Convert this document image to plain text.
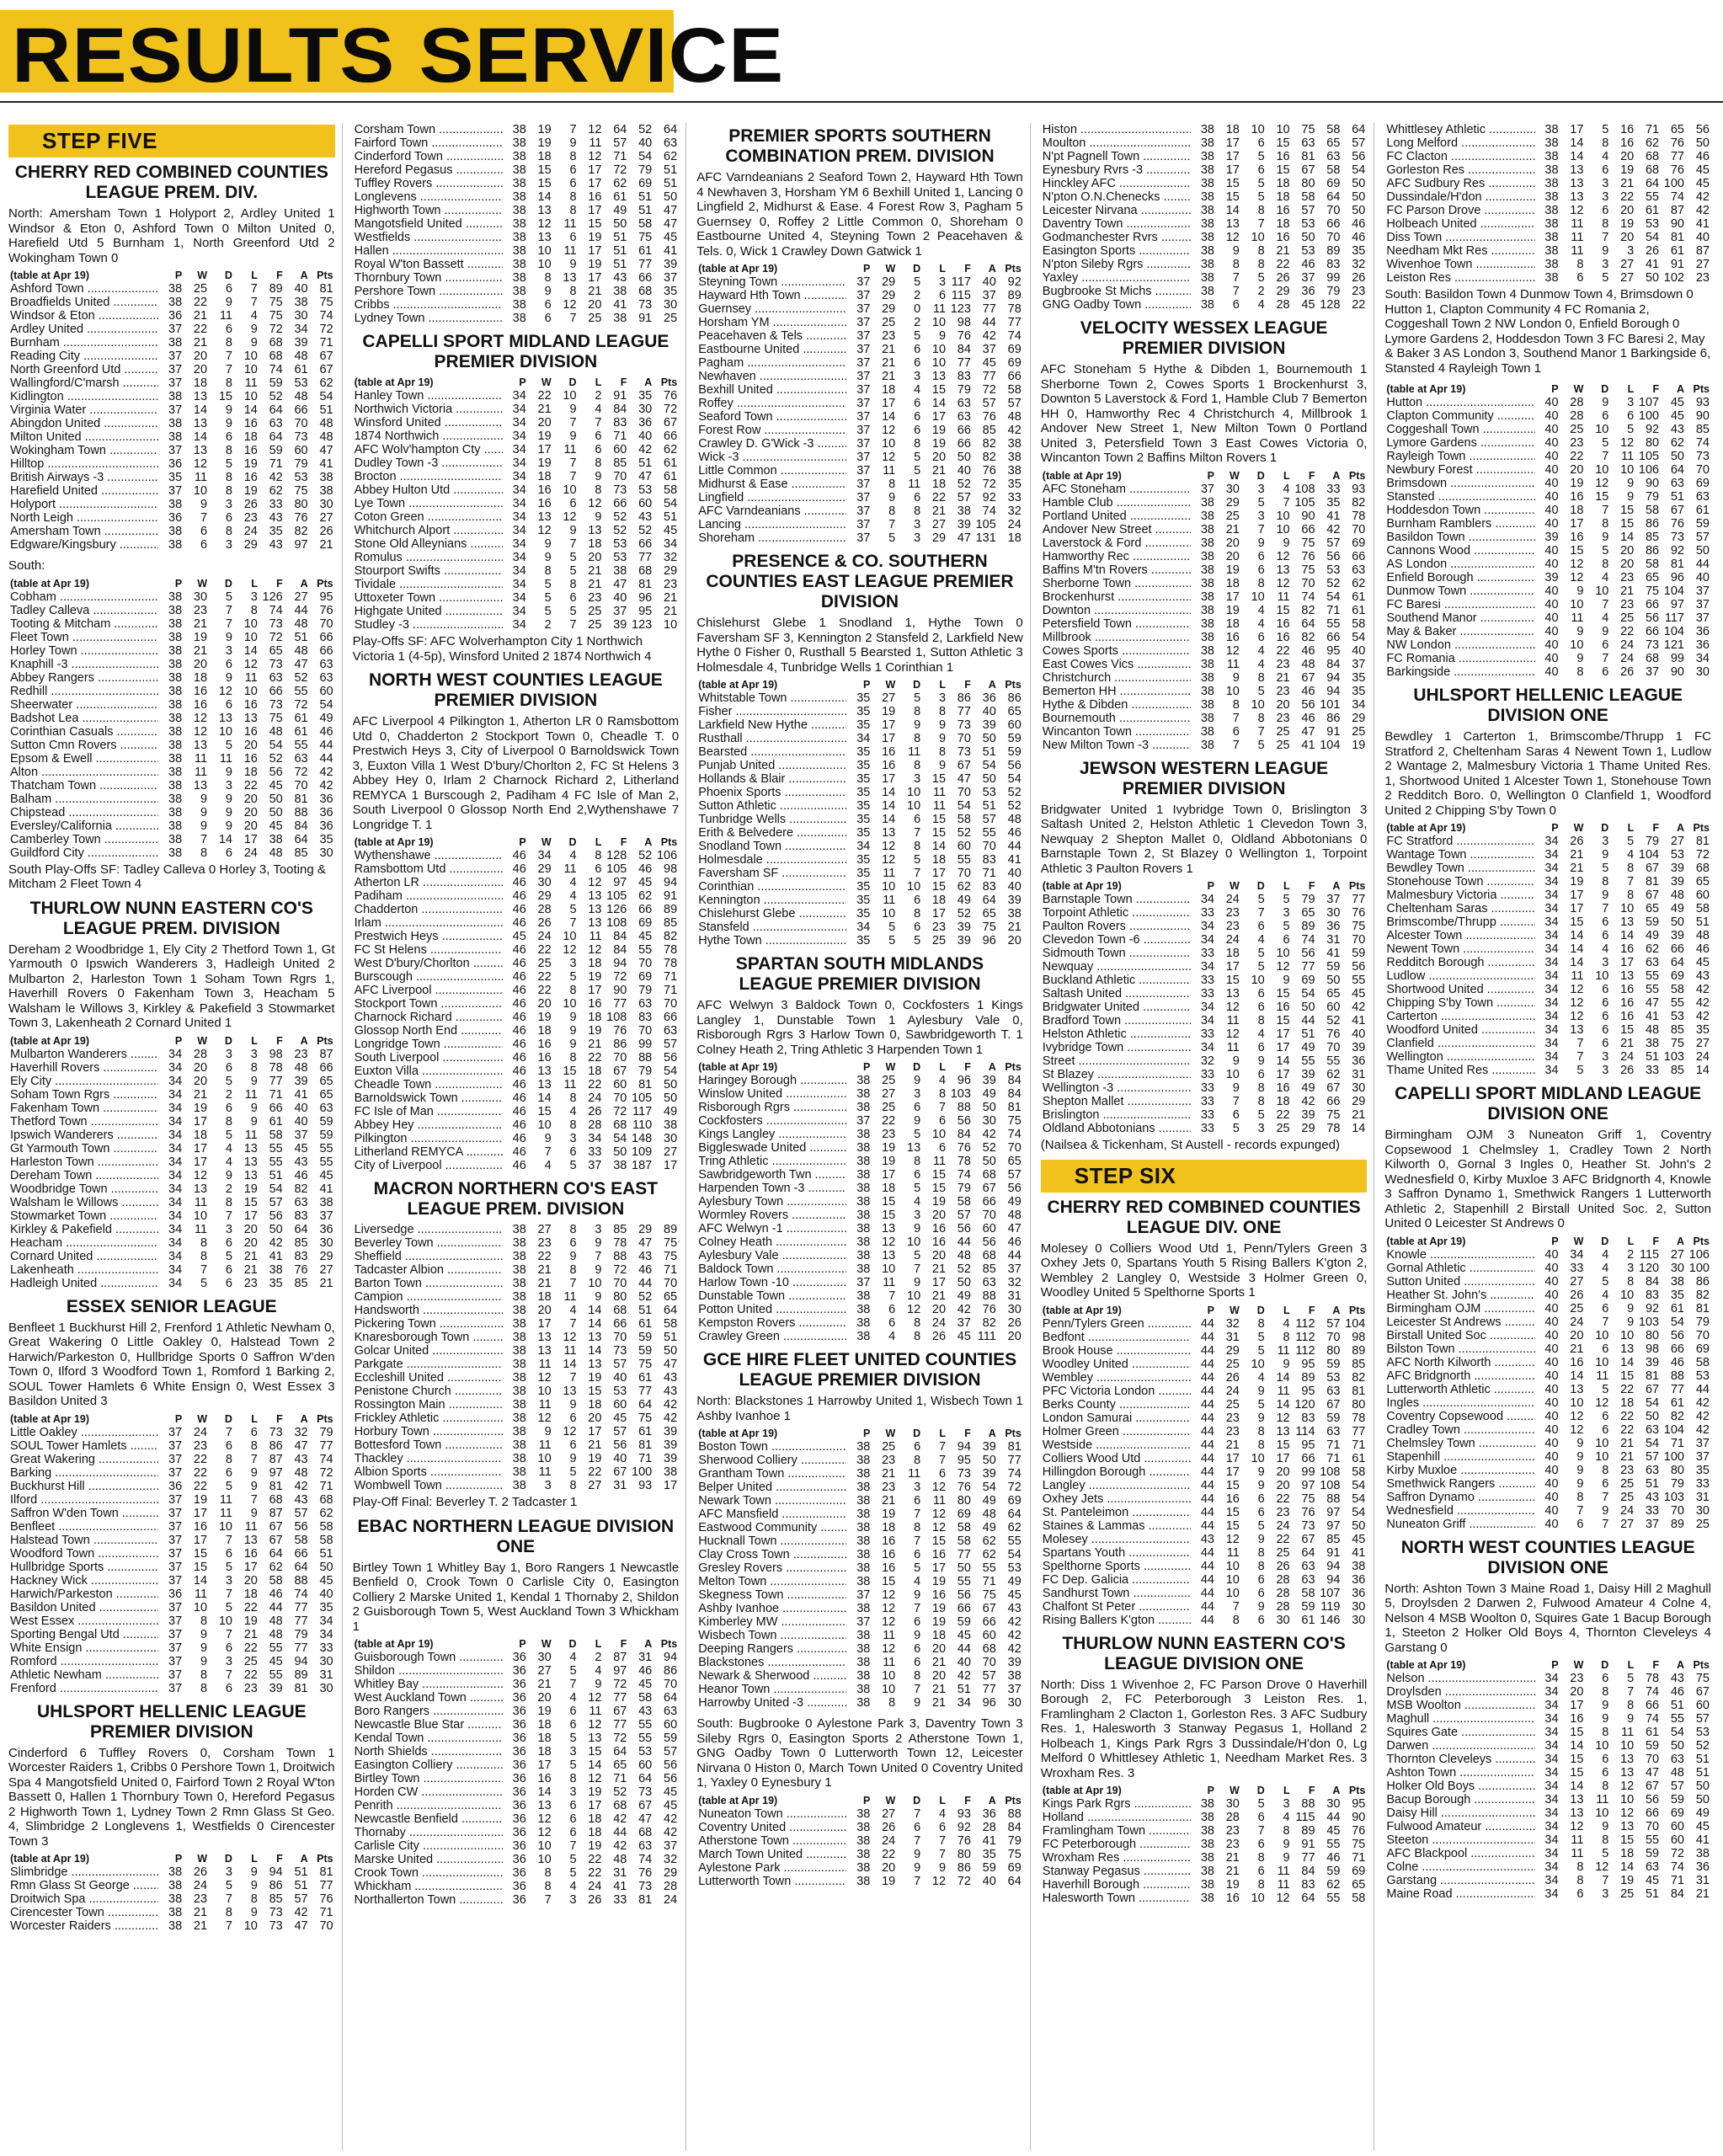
RESULTS SERVICE
STEP FIVE
CHERRY RED COMBINED COUNTIES LEAGUE PREM. DIV.

North: Amersham Town 1 Holyport 2, Ardley United 1 Windsor & Eton 0, Ashford Town 0 Milton United 0, Harefield Utd 5 Burnham 1, North Greenford Utd 2 Wokingham Town 0

(table at Apr 19)	P	W	D	L	F	A	Pts
Ashford Town .....	38	25	6	7	89	40	81
Broadfields United .....	38	22	9	7	75	38	75
Windsor & Eton .....	36	21	11	4	75	30	74
Ardley United .....	37	22	6	9	72	34	72
Burnham .....	38	21	8	9	68	39	71
Reading City .....	37	20	7	10	68	48	67
North Greenford Utd .....	37	20	7	10	74	61	67
Wallingford/C'marsh .....	37	18	8	11	59	53	62
Kidlington .....	38	13	15	10	52	48	54
Virginia Water .....	37	14	9	14	64	66	51
Abingdon United .....	38	13	9	16	63	70	48
Milton United .....	38	14	6	18	64	73	48
Wokingham Town .....	37	13	8	16	59	60	47
Hilltop .....	36	12	5	19	71	79	41
British Airways -3 .....	35	11	8	16	42	53	38
Harefield United .....	37	10	8	19	62	75	38
Holyport .....	38	9	3	26	33	80	30
North Leigh .....	36	7	6	23	43	76	27
Amersham Town .....	38	6	8	24	35	82	26
Edgware/Kingsbury .....	38	6	3	29	43	97	21

South:

(table at Apr 19)	P	W	D	L	F	A	Pts
Cobham .....	38	30	5	3	126	27	95
Tadley Calleva .....	38	23	7	8	74	44	76
Tooting & Mitcham .....	38	21	7	10	73	48	70
Fleet Town .....	38	19	9	10	72	51	66
Horley Town .....	38	21	3	14	65	48	66
Knaphill -3 .....	38	20	6	12	73	47	63
Abbey Rangers .....	38	18	9	11	63	52	63
Redhill .....	38	16	12	10	66	55	60
Sheerwater .....	38	16	6	16	73	72	54
Badshot Lea .....	38	12	13	13	75	61	49
Corinthian Casuals .....	38	12	10	16	48	61	46
Sutton Cmn Rovers .....	38	13	5	20	54	55	44
Epsom & Ewell .....	38	11	11	16	52	63	44
Alton .....	38	11	9	18	56	72	42
Thatcham Town .....	38	13	3	22	45	70	42
Balham .....	38	9	9	20	50	81	36
Chipstead .....	38	9	9	20	50	88	36
Eversley/California .....	38	9	9	20	45	84	36
Camberley Town .....	38	7	14	17	38	64	35
Guildford City .....	38	8	6	24	48	85	30

South Play-Offs SF: Tadley Calleva 0 Horley 3, Tooting & Mitcham 2 Fleet Town 4

THURLOW NUNN EASTERN CO'S LEAGUE PREM. DIVISION

Dereham 2 Woodbridge 1, Ely City 2 Thetford Town 1, Gt Yarmouth 0 Ipswich Wanderers 3, Hadleigh United 2 Mulbarton 2, Harleston Town 1 Soham Town Rgrs 1, Haverhill Rovers 0 Fakenham Town 3, Heacham 5 Walsham le Willows 3, Kirkley & Pakefield 3 Stowmarket Town 3, Lakenheath 2 Cornard United 1

(table at Apr 19)	P	W	D	L	F	A	Pts
Mulbarton Wanderers .....	34	28	3	3	98	23	87
Haverhill Rovers .....	34	20	6	8	78	48	66
Ely City .....	34	20	5	9	77	39	65
Soham Town Rgrs .....	34	21	2	11	71	41	65
Fakenham Town .....	34	19	6	9	66	40	63
Thetford Town .....	34	17	8	9	61	40	59
Ipswich Wanderers .....	34	18	5	11	58	37	59
Gt Yarmouth Town .....	34	17	4	13	55	45	55
Harleston Town .....	34	17	4	13	55	43	55
Dereham Town .....	34	12	9	13	51	46	45
Woodbridge Town .....	34	13	2	19	54	82	41
Walsham le Willows .....	34	11	8	15	57	63	38
Stowmarket Town .....	34	10	7	17	56	83	37
Kirkley & Pakefield .....	34	11	3	20	50	64	36
Heacham .....	34	8	6	20	42	85	30
Cornard United .....	34	8	5	21	41	83	29
Lakenheath .....	34	7	6	21	38	76	27
Hadleigh United .....	34	5	6	23	35	85	21
ESSEX SENIOR LEAGUE

Benfleet 1 Buckhurst Hill 2, Frenford 1 Athletic Newham 0, Great Wakering 0 Little Oakley 0, Halstead Town 2 Harwich/Parkeston 0, Hullbridge Sports 0 Saffron W'den Town 0, Ilford 3 Woodford Town 1, Romford 1 Barking 2, SOUL Tower Hamlets 6 White Ensign 0, West Essex 3 Basildon United 3

(table at Apr 19)	P	W	D	L	F	A	Pts
Little Oakley .....	37	24	7	6	73	32	79
SOUL Tower Hamlets .....	37	23	6	8	86	47	77
Great Wakering .....	37	22	8	7	87	43	74
Barking .....	37	22	6	9	97	48	72
Buckhurst Hill .....	36	22	5	9	81	42	71
Ilford .....	37	19	11	7	68	43	68
Saffron W'den Town .....	37	17	11	9	87	57	62
Benfleet .....	37	16	10	11	67	56	58
Halstead Town .....	37	17	7	13	67	58	58
Woodford Town .....	37	15	6	16	64	66	51
Hullbridge Sports .....	37	15	5	17	62	64	50
Hackney Wick .....	37	14	3	20	58	88	45
Harwich/Parkeston .....	36	11	7	18	46	74	40
Basildon United .....	37	10	5	22	44	77	35
West Essex .....	37	8	10	19	48	77	34
Sporting Bengal Utd .....	37	9	7	21	48	79	34
White Ensign .....	37	9	6	22	55	77	33
Romford .....	37	9	3	25	45	94	30
Athletic Newham .....	37	8	7	22	55	89	31
Frenford .....	37	8	6	23	39	81	30
UHLSPORT HELLENIC LEAGUE PREMIER DIVISION

Cinderford 6 Tuffley Rovers 0, Corsham Town 1 Worcester Raiders 1, Cribbs 0 Pershore Town 1, Droitwich Spa 4 Mangotsfield United 0, Fairford Town 2 Royal W'ton Bassett 0, Hallen 1 Thornbury Town 0, Hereford Pegasus 2 Highworth Town 1, Lydney Town 2 Rmn Glass St Geo. 4, Slimbridge 2 Longlevens 1, Westfields 0 Cirencester Town 3

(table at Apr 19)	P	W	D	L	F	A	Pts
Slimbridge .....	38	26	3	9	94	51	81
Rmn Glass St George .....	38	24	5	9	86	51	77
Droitwich Spa .....	38	23	7	8	85	57	76
Cirencester Town .....	38	21	8	9	73	42	71
Worcester Raiders .....	38	21	7	10	73	47	70
Corsham Town .....	38	19	7	12	64	52	64
Fairford Town .....	38	19	9	11	57	40	63
Cinderford Town .....	38	18	8	12	71	54	62
Hereford Pegasus .....	38	15	6	17	72	79	51
Tuffley Rovers .....	38	15	6	17	62	69	51
Longlevens .....	38	14	8	16	61	51	50
Highworth Town .....	38	13	8	17	49	51	47
Mangotsfield United .....	38	12	11	15	50	58	47
Westfields .....	38	13	6	19	51	75	45
Hallen .....	38	10	11	17	51	61	41
Royal W'ton Bassett .....	38	10	9	19	51	77	39
Thornbury Town .....	38	8	13	17	43	66	37
Pershore Town .....	38	9	8	21	38	68	35
Cribbs .....	38	6	12	20	41	73	30
Lydney Town .....	38	6	7	25	38	91	25
CAPELLI SPORT MIDLAND LEAGUE PREMIER DIVISION
(table at Apr 19)	P	W	D	L	F	A	Pts
Hanley Town .....	34	22	10	2	91	35	76
Northwich Victoria .....	34	21	9	4	84	30	72
Winsford United .....	34	20	7	7	83	36	67
1874 Northwich .....	34	19	9	6	71	40	66
AFC Wolv'hampton Cty .....	34	17	11	6	60	42	62
Dudley Town -3 .....	34	19	7	8	85	51	61
Brocton .....	34	18	7	9	70	47	61
Abbey Hulton Utd .....	34	16	10	8	73	53	58
Lye Town .....	34	16	6	12	66	60	54
Coton Green .....	34	13	12	9	52	43	51
Whitchurch Alport .....	34	12	9	13	52	52	45
Stone Old Alleynians .....	34	9	7	18	53	66	34
Romulus .....	34	9	5	20	53	77	32
Stourport Swifts .....	34	8	5	21	38	68	29
Tividale .....	34	5	8	21	47	81	23
Uttoxeter Town .....	34	5	6	23	40	96	21
Highgate United .....	34	5	5	25	37	95	21
Studley -3 .....	34	2	7	25	39	123	10

Play-Offs SF: AFC Wolverhampton City 1 Northwich Victoria 1 (4-5p), Winsford United 2 1874 Northwich 4

NORTH WEST COUNTIES LEAGUE PREMIER DIVISION

AFC Liverpool 4 Pilkington 1, Atherton LR 0 Ramsbottom Utd 0, Chadderton 2 Stockport Town 0, Cheadle T. 0 Prestwich Heys 3, City of Liverpool 0 Barnoldswick Town 3, Euxton Villa 1 West D'bury/Chorlton 2, FC St Helens 3 Abbey Hey 0, Irlam 2 Charnock Richard 2, Litherland REMYCA 1 Burscough 2, Padiham 4 FC Isle of Man 2, South Liverpool 0 Glossop North End 2,Wythenshawe 7 Longridge T. 1

(table at Apr 19)	P	W	D	L	F	A	Pts
Wythenshawe .....	46	34	4	8	128	52	106
Ramsbottom Utd .....	46	29	11	6	105	46	98
Atherton LR .....	46	30	4	12	97	45	94
Padiham .....	46	29	4	13	105	62	91
Chadderton .....	46	28	5	13	126	66	89
Irlam .....	46	26	7	13	108	69	85
Prestwich Heys .....	45	24	10	11	84	45	82
FC St Helens .....	46	22	12	12	84	55	78
West D'bury/Chorlton .....	46	25	3	18	94	70	78
Burscough .....	46	22	5	19	72	69	71
AFC Liverpool .....	46	22	8	17	90	79	71
Stockport Town .....	46	20	10	16	77	63	70
Charnock Richard .....	46	19	9	18	108	83	66
Glossop North End .....	46	18	9	19	76	70	63
Longridge Town .....	46	16	9	21	86	99	57
South Liverpool .....	46	16	8	22	70	88	56
Euxton Villa .....	46	13	15	18	67	79	54
Cheadle Town .....	46	13	11	22	60	81	50
Barnoldswick Town .....	46	14	8	24	70	105	50
FC Isle of Man .....	46	15	4	26	72	117	49
Abbey Hey .....	46	10	8	28	68	110	38
Pilkington .....	46	9	3	34	54	148	30
Litherland REMYCA .....	46	7	6	33	50	109	27
City of Liverpool .....	46	4	5	37	38	187	17
MACRON NORTHERN CO'S EAST LEAGUE PREM. DIVISION
Liversedge .....	38	27	8	3	85	29	89
Beverley Town .....	38	23	6	9	78	47	75
Sheffield .....	38	22	9	7	88	43	75
Tadcaster Albion .....	38	21	8	9	72	46	71
Barton Town .....	38	21	7	10	70	44	70
Campion .....	38	18	11	9	80	52	65
Handsworth .....	38	20	4	14	68	51	64
Pickering Town .....	38	17	7	14	66	61	58
Knaresborough Town .....	38	13	12	13	70	59	51
Golcar United .....	38	13	11	14	73	59	50
Parkgate .....	38	11	14	13	57	75	47
Eccleshill United .....	38	12	7	19	40	61	43
Penistone Church .....	38	10	13	15	53	77	43
Rossington Main .....	38	11	9	18	60	64	42
Frickley Athletic .....	38	12	6	20	45	75	42
Horbury Town .....	38	9	12	17	57	61	39
Bottesford Town .....	38	11	6	21	56	81	39
Thackley .....	38	10	9	19	40	71	39
Albion Sports .....	38	11	5	22	67	100	38
Wombwell Town .....	38	3	8	27	31	93	17

Play-Off Final: Beverley T. 2 Tadcaster 1

EBAC NORTHERN LEAGUE DIVISION ONE

Birtley Town 1 Whitley Bay 1, Boro Rangers 1 Newcastle Benfield 0, Crook Town 0 Carlisle City 0, Easington Colliery 2 Marske United 1, Kendal 1 Thornaby 2, Shildon 2 Guisborough Town 5, West Auckland Town 3 Whickham 1

(table at Apr 19)	P	W	D	L	F	A	Pts
Guisborough Town .....	36	30	4	2	87	31	94
Shildon .....	36	27	5	4	97	46	86
Whitley Bay .....	36	21	7	9	72	45	70
West Auckland Town .....	36	20	4	12	77	58	64
Boro Rangers .....	36	19	6	11	67	43	63
Newcastle Blue Star .....	36	18	6	12	77	55	60
Kendal Town .....	36	18	5	13	72	55	59
North Shields .....	36	18	3	15	64	53	57
Easington Colliery .....	36	17	5	14	65	60	56
Birtley Town .....	36	16	8	12	71	64	56
Horden CW .....	36	14	3	19	52	73	45
Penrith .....	36	13	6	17	68	67	45
Newcastle Benfield .....	36	12	6	18	42	47	42
Thornaby .....	36	12	6	18	44	68	42
Carlisle City .....	36	10	7	19	42	63	37
Marske United .....	36	10	5	22	48	74	32
Crook Town .....	36	8	5	22	31	76	29
Whickham .....	36	8	4	24	41	73	28
Northallerton Town .....	36	7	3	26	33	81	24
PREMIER SPORTS SOUTHERN COMBINATION PREM. DIVISION

AFC Varndeanians 2 Seaford Town 2, Hayward Hth Town 4 Newhaven 3, Horsham YM 6 Bexhill United 1, Lancing 0 Lingfield 2, Midhurst & Ease. 4 Forest Row 3, Pagham 5 Guernsey 0, Roffey 2 Little Common 0, Shoreham 0 Eastbourne United 4, Steyning Town 2 Peacehaven & Tels. 0, Wick 1 Crawley Down Gatwick 1

(table at Apr 19)	P	W	D	L	F	A	Pts
Steyning Town .....	37	29	5	3	117	40	92
Hayward Hth Town .....	37	29	2	6	115	37	89
Guernsey .....	37	29	0	11	123	77	78
Horsham YM .....	37	25	2	10	98	44	77
Peacehaven & Tels .....	37	23	5	9	76	42	74
Eastbourne United .....	37	21	6	10	84	37	69
Pagham .....	37	21	6	10	77	45	69
Newhaven .....	37	21	3	13	83	77	66
Bexhill United .....	37	18	4	15	79	72	58
Roffey .....	37	17	6	14	63	57	57
Seaford Town .....	37	14	6	17	63	76	48
Forest Row .....	37	12	6	19	66	85	42
Crawley D. G'Wick -3 .....	37	10	8	19	66	82	38
Wick -3 .....	37	12	5	20	50	82	38
Little Common .....	37	11	5	21	40	76	38
Midhurst & Ease .....	37	8	11	18	52	72	35
Lingfield .....	37	9	6	22	57	92	33
AFC Varndeanians .....	37	8	8	21	38	74	32
Lancing .....	37	7	3	27	39	105	24
Shoreham .....	37	5	3	29	47	131	18
PRESENCE & CO. SOUTHERN COUNTIES EAST LEAGUE PREMIER DIVISION

Chislehurst Glebe 1 Snodland 1, Hythe Town 0 Faversham SF 3, Kennington 2 Stansfeld 2, Larkfield New Hythe 0 Fisher 0, Rusthall 5 Bearsted 1, Sutton Athletic 3 Holmesdale 4, Tunbridge Wells 1 Corinthian 1

(table at Apr 19)	P	W	D	L	F	A	Pts
Whitstable Town .....	35	27	5	3	86	36	86
Fisher .....	35	19	8	8	77	40	65
Larkfield New Hythe .....	35	17	9	9	73	39	60
Rusthall .....	34	17	8	9	70	50	59
Bearsted .....	35	16	11	8	73	51	59
Punjab United .....	35	16	8	9	67	54	56
Hollands & Blair .....	35	17	3	15	47	50	54
Phoenix Sports .....	35	14	10	11	70	53	52
Sutton Athletic .....	35	14	10	11	54	51	52
Tunbridge Wells .....	35	14	6	15	58	57	48
Erith & Belvedere .....	35	13	7	15	52	55	46
Snodland Town .....	34	12	8	14	60	70	44
Holmesdale .....	35	12	5	18	55	83	41
Faversham SF .....	35	11	7	17	70	71	40
Corinthian .....	35	10	10	15	62	83	40
Kennington .....	35	11	6	18	49	64	39
Chislehurst Glebe .....	35	10	8	17	52	65	38
Stansfeld .....	34	5	6	23	39	75	21
Hythe Town .....	35	5	5	25	39	96	20
SPARTAN SOUTH MIDLANDS LEAGUE PREMIER DIVISION

AFC Welwyn 3 Baldock Town 0, Cockfosters 1 Kings Langley 1, Dunstable Town 1 Aylesbury Vale 0, Risborough Rgrs 3 Harlow Town 0, Sawbridgeworth T. 1 Colney Heath 2, Tring Athletic 3 Harpenden Town 1

(table at Apr 19)	P	W	D	L	F	A	Pts
Haringey Borough .....	38	25	9	4	96	39	84
Winslow United .....	38	27	3	8	103	49	84
Risborough Rgrs .....	38	25	6	7	88	50	81
Cockfosters .....	37	22	9	6	56	30	75
Kings Langley .....	38	23	5	10	84	42	74
Biggleswade United .....	38	19	13	6	76	52	70
Tring Athletic .....	38	19	8	11	78	50	65
Sawbridgeworth Twn .....	38	17	6	15	74	68	57
Harpenden Town -3 .....	38	18	5	15	79	67	56
Aylesbury Town .....	38	15	4	19	58	66	49
Wormley Rovers .....	38	15	3	20	57	70	48
AFC Welwyn -1 .....	38	13	9	16	56	60	47
Colney Heath .....	38	12	10	16	44	56	46
Aylesbury Vale .....	38	13	5	20	48	68	44
Baldock Town .....	38	10	7	21	52	85	37
Harlow Town -10 .....	37	11	9	17	50	63	32
Dunstable Town .....	38	7	10	21	49	88	31
Potton United .....	38	6	12	20	42	76	30
Kempston Rovers .....	38	6	8	24	37	82	26
Crawley Green .....	38	4	8	26	45	111	20
GCE HIRE FLEET UNITED COUNTIES LEAGUE PREMIER DIVISION

North: Blackstones 1 Harrowby United 1, Wisbech Town 1 Ashby Ivanhoe 1

(table at Apr 19)	P	W	D	L	F	A	Pts
Boston Town .....	38	25	6	7	94	39	81
Sherwood Colliery .....	38	23	8	7	95	50	77
Grantham Town .....	38	21	11	6	73	39	74
Belper United .....	38	23	3	12	76	54	72
Newark Town .....	38	21	6	11	80	49	69
AFC Mansfield .....	38	19	7	12	69	48	64
Eastwood Community .....	38	18	8	12	58	49	62
Hucknall Town .....	38	16	7	15	58	62	55
Clay Cross Town .....	38	16	6	16	77	62	54
Gresley Rovers .....	38	16	5	17	50	55	53
Melton Town .....	38	15	4	19	55	71	49
Skegness Town .....	37	12	9	16	56	75	45
Ashby Ivanhoe .....	38	12	7	19	66	67	43
Kimberley MW .....	37	12	6	19	59	66	42
Wisbech Town .....	38	11	9	18	45	60	42
Deeping Rangers .....	38	12	6	20	44	68	42
Blackstones .....	38	11	6	21	40	70	39
Newark & Sherwood .....	38	10	8	20	42	57	38
Heanor Town .....	38	10	7	21	51	77	37
Harrowby United -3 .....	38	8	9	21	34	96	30

South: Bugbrooke 0 Aylestone Park 3, Daventry Town 3 Sileby Rgrs 0, Easington Sports 2 Atherstone Town 1, GNG Oadby Town 0 Lutterworth Town 12, Leicester Nirvana 0 Histon 0, March Town United 0 Coventry United 1, Yaxley 0 Eynesbury 1

(table at Apr 19)	P	W	D	L	F	A	Pts
Nuneaton Town .....	38	27	7	4	93	36	88
Coventry United .....	38	26	6	6	92	28	84
Atherstone Town .....	38	24	7	7	76	41	79
March Town United .....	38	22	9	7	80	35	75
Aylestone Park .....	38	20	9	9	86	59	69
Lutterworth Town .....	38	19	7	12	72	40	64
Histon .....	38	18	10	10	75	58	64
Moulton .....	38	17	6	15	63	65	57
N'pt Pagnell Town .....	38	17	5	16	81	63	56
Eynesbury Rvrs -3 .....	38	17	6	15	67	58	54
Hinckley AFC .....	38	15	5	18	80	69	50
N'pton O.N.Chenecks .....	38	15	5	18	58	64	50
Leicester Nirvana .....	38	14	8	16	57	70	50
Daventry Town .....	38	13	7	18	53	66	46
Godmanchester Rvrs .....	38	12	10	16	50	70	46
Easington Sports .....	38	9	8	21	53	89	35
N'pton Sileby Rgrs .....	38	8	8	22	46	83	32
Yaxley .....	38	7	5	26	37	99	26
Bugbrooke St Michs .....	38	7	2	29	36	79	23
GNG Oadby Town .....	38	6	4	28	45	128	22
VELOCITY WESSEX LEAGUE PREMIER DIVISION

AFC Stoneham 5 Hythe & Dibden 1, Bournemouth 1 Sherborne Town 2, Cowes Sports 1 Brockenhurst 3, Downton 5 Laverstock & Ford 1, Hamble Club 7 Bemerton HH 0, Hamworthy Rec 4 Christchurch 4, Millbrook 1 Andover New Street 1, New Milton Town 0 Portland United 3, Petersfield Town 3 East Cowes Victoria 0, Wincanton Town 2 Baffins Milton Rovers 1

(table at Apr 19)	P	W	D	L	F	A	Pts
AFC Stoneham .....	37	30	3	4	108	33	93
Hamble Club .....	38	29	5	7	105	35	82
Portland United .....	38	25	3	10	90	41	78
Andover New Street .....	38	21	7	10	66	42	70
Laverstock & Ford .....	38	20	9	9	75	57	69
Hamworthy Rec .....	38	20	6	12	76	56	66
Baffins M'tn Rovers .....	38	19	6	13	75	53	63
Sherborne Town .....	38	18	8	12	70	52	62
Brockenhurst .....	38	17	10	11	74	54	61
Downton .....	38	19	4	15	82	71	61
Petersfield Town .....	38	18	4	16	64	55	58
Millbrook .....	38	16	6	16	82	66	54
Cowes Sports .....	38	12	4	22	46	95	40
East Cowes Vics .....	38	11	4	23	48	84	37
Christchurch .....	38	9	8	21	67	94	35
Bemerton HH .....	38	10	5	23	46	94	35
Hythe & Dibden .....	38	8	10	20	56	101	34
Bournemouth .....	38	7	8	23	46	86	29
Wincanton Town .....	38	6	7	25	47	91	25
New Milton Town -3 .....	38	7	5	25	41	104	19
JEWSON WESTERN LEAGUE PREMIER DIVISION

Bridgwater United 1 Ivybridge Town 0, Brislington 3 Saltash United 2, Helston Athletic 1 Clevedon Town 3, Newquay 2 Shepton Mallet 0, Oldland Abbotonians 0 Barnstaple Town 2, St Blazey 0 Wellington 1, Torpoint Athletic 3 Paulton Rovers 1

(table at Apr 19)	P	W	D	L	F	A	Pts
Barnstaple Town .....	34	24	5	5	79	37	77
Torpoint Athletic .....	33	23	7	3	65	30	76
Paulton Rovers .....	34	23	6	5	89	36	75
Clevedon Town -6 .....	34	24	4	6	74	31	70
Sidmouth Town .....	33	18	5	10	56	41	59
Newquay .....	34	17	5	12	77	59	56
Buckland Athletic .....	33	15	10	9	69	50	55
Saltash United .....	33	13	6	15	54	65	45
Bridgwater United .....	34	12	6	16	50	60	42
Bradford Town .....	34	11	8	15	44	52	41
Helston Athletic .....	33	12	4	17	51	76	40
Ivybridge Town .....	34	11	6	17	49	70	39
Street .....	32	9	9	14	55	55	36
St Blazey .....	33	10	6	17	39	62	31
Wellington -3 .....	33	9	8	16	49	67	30
Shepton Mallet .....	33	7	8	18	42	66	29
Brislington .....	33	6	5	22	39	75	21
Oldland Abbotonians .....	33	5	3	25	29	78	14

(Nailsea & Tickenham, St Austell - records expunged)

STEP SIX
CHERRY RED COMBINED COUNTIES LEAGUE DIV. ONE

Molesey 0 Colliers Wood Utd 1, Penn/Tylers Green 3 Oxhey Jets 0, Spartans Youth 5 Rising Ballers K'gton 2, Wembley 2 Langley 0, Westside 3 Holmer Green 0, Woodley United 5 Spelthorne Sports 1

(table at Apr 19)	P	W	D	L	F	A	Pts
Penn/Tylers Green .....	44	32	8	4	112	57	104
Bedfont .....	44	31	5	8	112	70	98
Brook House .....	44	29	5	11	112	80	89
Woodley United .....	44	25	10	9	95	59	85
Wembley .....	44	26	4	14	89	53	82
PFC Victoria London .....	44	24	9	11	95	63	81
Berks County .....	44	25	5	14	120	67	80
London Samurai .....	44	23	9	12	83	59	78
Holmer Green .....	44	23	8	13	114	63	77
Westside .....	44	21	8	15	95	71	71
Colliers Wood Utd .....	44	17	10	17	66	71	61
Hillingdon Borough .....	44	17	9	20	99	108	58
Langley .....	44	15	9	20	97	108	54
Oxhey Jets .....	44	16	6	22	75	88	54
St. Panteleimon .....	44	15	6	23	76	97	54
Staines & Lammas .....	44	15	5	24	73	97	50
Molesey .....	43	12	9	22	67	85	45
Spartans Youth .....	44	11	8	25	64	91	41
Spelthorne Sports .....	44	10	8	26	63	94	38
FC Dep. Galicia .....	44	10	6	28	63	94	36
Sandhurst Town .....	44	10	6	28	58	107	36
Chalfont St Peter .....	44	7	9	28	59	119	30
Rising Ballers K'gton .....	44	8	6	30	61	146	30
THURLOW NUNN EASTERN CO'S LEAGUE DIVISION ONE

North: Diss 1 Wivenhoe 2, FC Parson Drove 0 Haverhill Borough 2, FC Peterborough 3 Leiston Res. 1, Framlingham 2 Clacton 1, Gorleston Res. 3 AFC Sudbury Res. 1, Halesworth 3 Stanway Pegasus 1, Holland 2 Holbeach 1, Kings Park Rgrs 3 Dussindale/H'don 0, Lg Melford 0 Whittlesey Athletic 1, Needham Market Res. 3 Wroxham Res. 3

(table at Apr 19)	P	W	D	L	F	A	Pts
Kings Park Rgrs .....	38	30	5	3	88	30	95
Holland .....	38	28	6	4	115	44	90
Framlingham Town .....	38	23	7	8	89	45	76
FC Peterborough .....	38	23	6	9	91	55	75
Wroxham Res .....	38	21	8	9	77	46	71
Stanway Pegasus .....	38	21	6	11	84	59	69
Haverhill Borough .....	38	19	8	11	83	62	65
Halesworth Town .....	38	16	10	12	64	55	58
Whittlesey Athletic .....	38	17	5	16	71	65	56
Long Melford .....	38	14	8	16	62	76	50
FC Clacton .....	38	14	4	20	68	77	46
Gorleston Res .....	38	13	6	19	68	76	45
AFC Sudbury Res .....	38	13	3	21	64	100	45
Dussindale/H'don .....	38	13	3	22	55	74	42
FC Parson Drove .....	38	12	6	20	61	87	42
Holbeach United .....	38	11	8	19	53	90	41
Diss Town .....	38	11	7	20	54	81	40
Needham Mkt Res .....	38	11	9	3	26	61	87
Wivenhoe Town .....	38	8	3	27	41	91	27
Leiston Res .....	38	6	5	27	50	102	23

South: Basildon Town 4 Dunmow Town 4, Brimsdown 0 Hutton 1, Clapton Community 4 FC Romania 2, Coggeshall Town 2 NW London 0, Enfield Borough 0 Lymore Gardens 2, Hoddesdon Town 3 FC Baresi 2, May & Baker 3 AS London 3, Southend Manor 1 Barkingside 6, Stansted 4 Rayleigh Town 1

(table at Apr 19)	P	W	D	L	F	A	Pts
Hutton .....	40	28	9	3	107	45	93
Clapton Community .....	40	28	6	6	100	45	90
Coggeshall Town .....	40	25	10	5	92	43	85
Lymore Gardens .....	40	23	5	12	80	62	74
Rayleigh Town .....	40	22	7	11	105	50	73
Newbury Forest .....	40	20	10	10	106	64	70
Brimsdown .....	40	19	12	9	90	63	69
Stansted .....	40	16	15	9	79	51	63
Hoddesdon Town .....	40	18	7	15	58	67	61
Burnham Ramblers .....	40	17	8	15	86	76	59
Basildon Town .....	39	16	9	14	85	73	57
Cannons Wood .....	40	15	5	20	86	92	50
AS London .....	40	12	8	20	58	81	44
Enfield Borough .....	39	12	4	23	65	96	40
Dunmow Town .....	40	9	10	21	75	104	37
FC Baresi .....	40	10	7	23	66	97	37
Southend Manor .....	40	11	4	25	56	117	37
May & Baker .....	40	9	9	22	66	104	36
NW London .....	40	10	6	24	73	121	36
FC Romania .....	40	9	7	24	68	99	34
Barkingside .....	40	8	6	26	37	90	30
UHLSPORT HELLENIC LEAGUE DIVISION ONE

Bewdley 1 Carterton 1, Brimscombe/Thrupp 1 FC Stratford 2, Cheltenham Saras 4 Newent Town 1, Ludlow 2 Wantage 2, Malmesbury Victoria 1 Thame United Res. 1, Shortwood United 1 Alcester Town 1, Stonehouse Town 2 Redditch Boro. 0, Wellington 0 Clanfield 1, Woodford United 2 Chipping S'by Town 0

(table at Apr 19)	P	W	D	L	F	A	Pts
FC Stratford .....	34	26	3	5	79	27	81
Wantage Town .....	34	21	9	4	104	53	72
Bewdley Town .....	34	21	5	8	67	39	68
Stonehouse Town .....	34	19	8	7	81	39	65
Malmesbury Victoria .....	34	17	9	8	67	48	60
Cheltenham Saras .....	34	17	7	10	65	49	58
Brimscombe/Thrupp .....	34	15	6	13	59	50	51
Alcester Town .....	34	14	6	14	49	39	48
Newent Town .....	34	14	4	16	62	66	46
Redditch Borough .....	34	14	3	17	63	64	45
Ludlow .....	34	11	10	13	55	69	43
Shortwood United .....	34	12	6	16	55	58	42
Chipping S'by Town .....	34	12	6	16	47	55	42
Carterton .....	34	12	6	16	41	53	42
Woodford United .....	34	13	6	15	48	85	35
Clanfield .....	34	7	6	21	38	75	27
Wellington .....	34	7	3	24	51	103	24
Thame United Res .....	34	5	3	26	33	85	14
CAPELLI SPORT MIDLAND LEAGUE DIVISION ONE

Birmingham OJM 3 Nuneaton Griff 1, Coventry Copsewood 1 Chelmsley 1, Cradley Town 2 North Kilworth 0, Gornal 3 Ingles 0, Heather St. John's 2 Wednesfield 0, Kirby Muxloe 3 AFC Bridgnorth 4, Knowle 3 Saffron Dynamo 1, Smethwick Rangers 1 Lutterworth Athletic 2, Stapenhill 2 Birstall United Soc. 2, Sutton United 0 Leicester St Andrews 0

(table at Apr 19)	P	W	D	L	F	A	Pts
Knowle .....	40	34	4	2	115	27	106
Gornal Athletic .....	40	33	4	3	120	30	100
Sutton United .....	40	27	5	8	84	38	86
Heather St. John's .....	40	26	4	10	83	35	82
Birmingham OJM .....	40	25	6	9	92	61	81
Leicester St Andrews .....	40	24	7	9	103	54	79
Birstall United Soc .....	40	20	10	10	80	56	70
Bilston Town .....	40	21	6	13	98	66	69
AFC North Kilworth .....	40	16	10	14	39	46	58
AFC Bridgnorth .....	40	14	11	15	81	88	53
Lutterworth Athletic .....	40	13	5	22	67	77	44
Ingles .....	40	10	12	18	54	61	42
Coventry Copsewood .....	40	12	6	22	50	82	42
Cradley Town .....	40	12	6	22	63	104	42
Chelmsley Town .....	40	9	10	21	54	71	37
Stapenhill .....	40	9	10	21	57	100	37
Kirby Muxloe .....	40	9	8	23	63	80	35
Smethwick Rangers .....	40	9	6	25	51	79	33
Saffron Dynamo .....	40	8	7	25	43	103	31
Wednesfield .....	40	7	9	24	33	70	30
Nuneaton Griff .....	40	6	7	27	37	89	25
NORTH WEST COUNTIES LEAGUE DIVISION ONE

North: Ashton Town 3 Maine Road 1, Daisy Hill 2 Maghull 5, Droylsden 2 Darwen 2, Fulwood Amateur 4 Colne 4, Nelson 4 MSB Woolton 0, Squires Gate 1 Bacup Borough 1, Steeton 2 Holker Old Boys 4, Thornton Cleveleys 4 Garstang 0

(table at Apr 19)	P	W	D	L	F	A	Pts
Nelson .....	34	23	6	5	78	43	75
Droylsden .....	34	20	8	7	74	46	67
MSB Woolton .....	34	17	9	8	66	51	60
Maghull .....	34	16	9	9	74	55	57
Squires Gate .....	34	15	8	11	61	54	53
Darwen .....	34	14	10	10	59	50	52
Thornton Cleveleys .....	34	15	6	13	70	63	51
Ashton Town .....	34	15	6	13	47	48	51
Holker Old Boys .....	34	14	8	12	67	57	50
Bacup Borough .....	34	13	11	10	56	59	50
Daisy Hill .....	34	13	10	12	66	69	49
Fulwood Amateur .....	34	12	9	13	70	60	45
Steeton .....	34	11	8	15	55	60	41
AFC Blackpool .....	34	11	5	18	59	72	38
Colne .....	34	8	12	14	63	74	36
Garstang .....	34	8	7	19	45	71	31
Maine Road .....	34	6	3	25	51	84	21
